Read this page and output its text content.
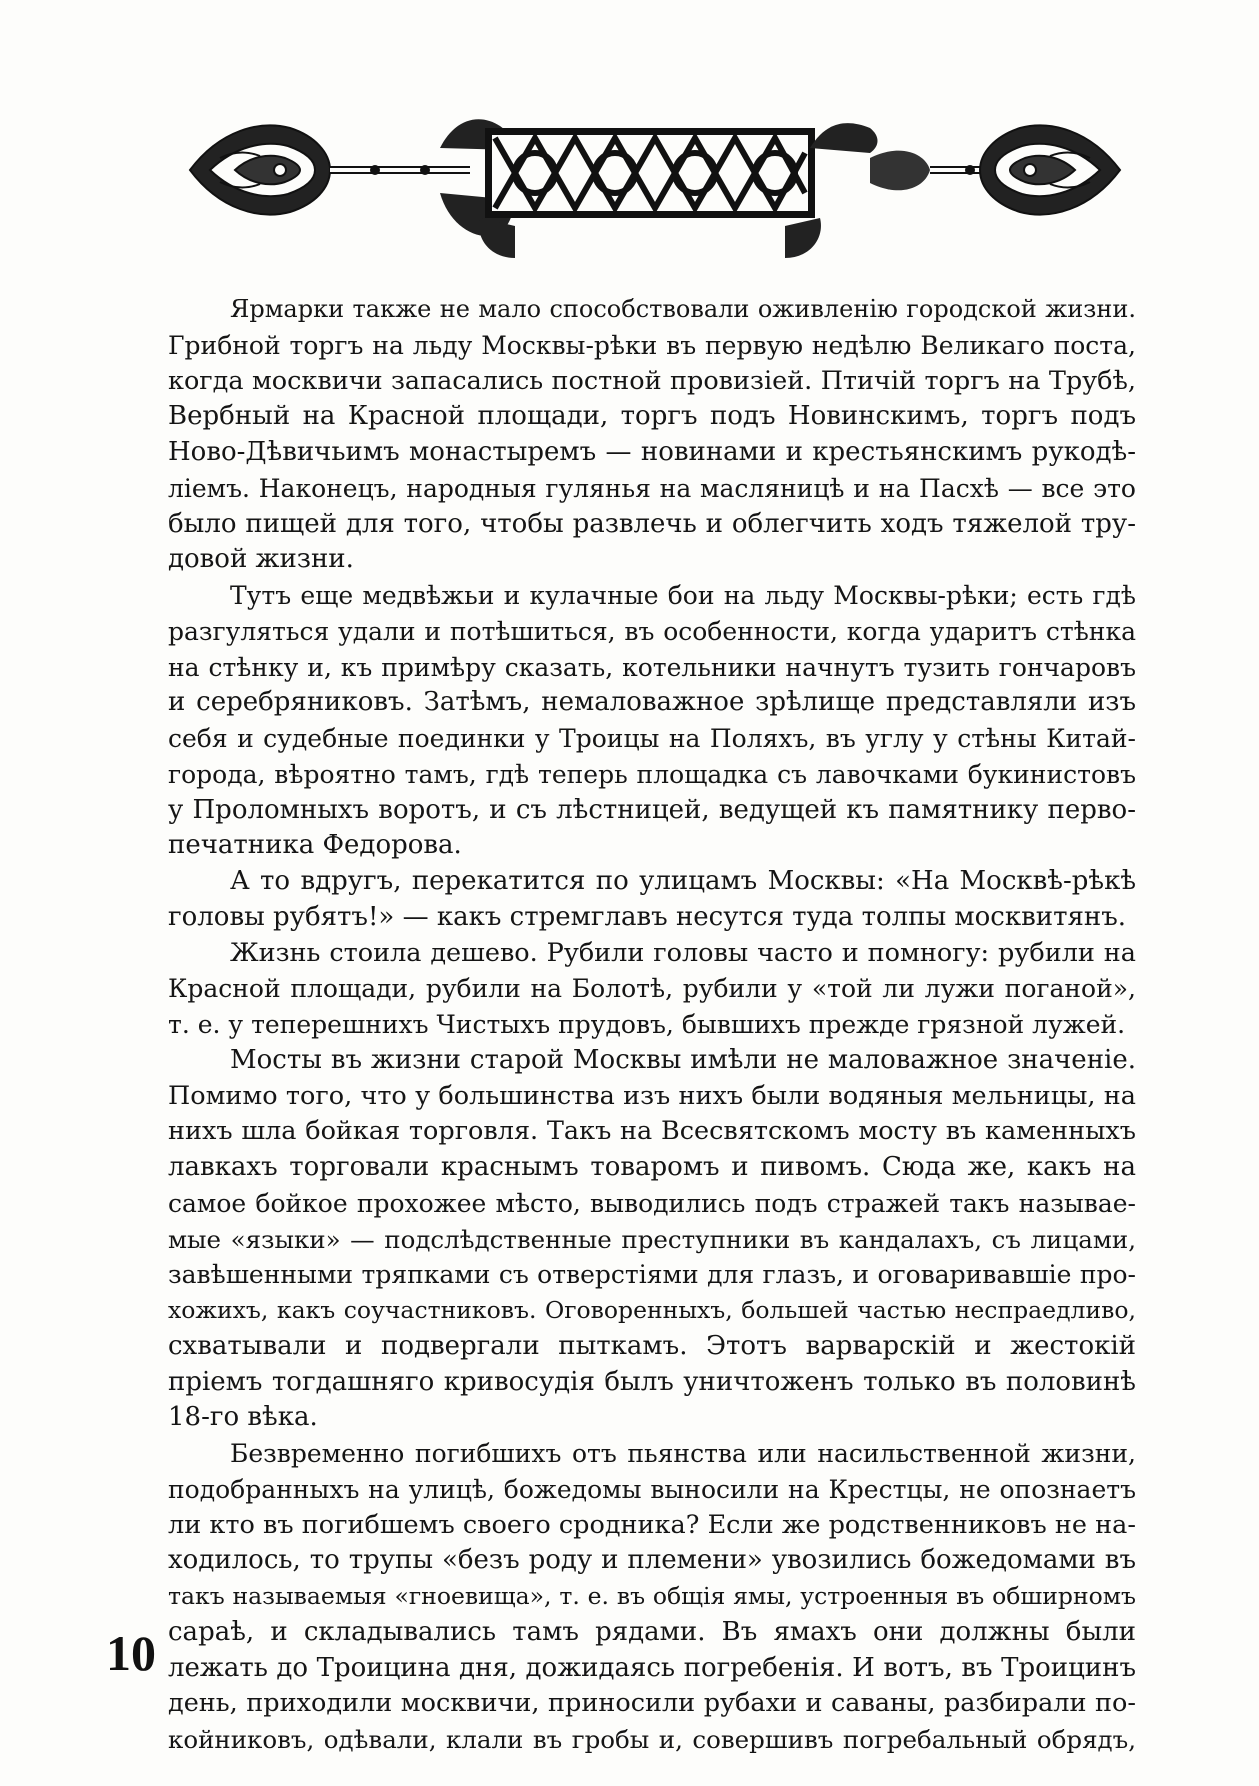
Ярмарки также не мало способствовали оживленію городской жизни.
Грибной торгъ на льду Москвы-рѣки въ первую недѣлю Великаго поста,
когда москвичи запасались постной провизіей. Птичій торгъ на Трубѣ,
Вербный на Красной площади, торгъ подъ Новинскимъ, торгъ подъ
Ново-Дѣвичьимъ монастыремъ — новинами и крестьянскимъ рукодѣ-
ліемъ. Наконецъ, народныя гулянья на масляницѣ и на Пасхѣ — все это
было пищей для того, чтобы развлечь и облегчить ходъ тяжелой тру-
довой жизни.
Тутъ еще медвѣжьи и кулачные бои на льду Москвы-рѣки; есть гдѣ
разгуляться удали и потѣшиться, въ особенности, когда ударитъ стѣнка
на стѣнку и, къ примѣру сказать, котельники начнутъ тузить гончаровъ
и серебряниковъ. Затѣмъ, немаловажное зрѣлище представляли изъ
себя и судебные поединки у Троицы на Поляхъ, въ углу у стѣны Китай-
города, вѣроятно тамъ, гдѣ теперь площадка съ лавочками букинистовъ
у Проломныхъ воротъ, и съ лѣстницей, ведущей къ памятнику перво-
печатника Федорова.
А то вдругъ, перекатится по улицамъ Москвы: «На Москвѣ-рѣкѣ
головы рубятъ!» — какъ стремглавъ несутся туда толпы москвитянъ.
Жизнь стоила дешево. Рубили головы часто и помногу: рубили на
Красной площади, рубили на Болотѣ, рубили у «той ли лужи поганой»,
т. е. у теперешнихъ Чистыхъ прудовъ, бывшихъ прежде грязной лужей.
Мосты въ жизни старой Москвы имѣли не маловажное значеніе.
Помимо того, что у большинства изъ нихъ были водяныя мельницы, на
нихъ шла бойкая торговля. Такъ на Всесвятскомъ мосту въ каменныхъ
лавкахъ торговали краснымъ товаромъ и пивомъ. Сюда же, какъ на
самое бойкое прохожее мѣсто, выводились подъ стражей такъ называе-
мые «языки» — подслѣдственные преступники въ кандалахъ, съ лицами,
завѣшенными тряпками съ отверстіями для глазъ, и оговаривавшіе про-
хожихъ, какъ соучастниковъ. Оговоренныхъ, большей частью неспраедливо,
схватывали и подвергали пыткамъ. Этотъ варварскій и жестокій
пріемъ тогдашняго кривосудія былъ уничтоженъ только въ половинѣ
18-го вѣка.
Безвременно погибшихъ отъ пьянства или насильственной жизни,
подобранныхъ на улицѣ, божедомы выносили на Крестцы, не опознаетъ
ли кто въ погибшемъ своего сродника? Если же родственниковъ не на-
ходилось, то трупы «безъ роду и племени» увозились божедомами въ
такъ называемыя «гноевища», т. е. въ общія ямы, устроенныя въ обширномъ
сараѣ, и складывались тамъ рядами. Въ ямахъ они должны были
лежать до Троицина дня, дожидаясь погребенія. И вотъ, въ Троицинъ
день, приходили москвичи, приносили рубахи и саваны, разбирали по-
койниковъ, одѣвали, клали въ гробы и, совершивъ погребальный обрядъ,
10
